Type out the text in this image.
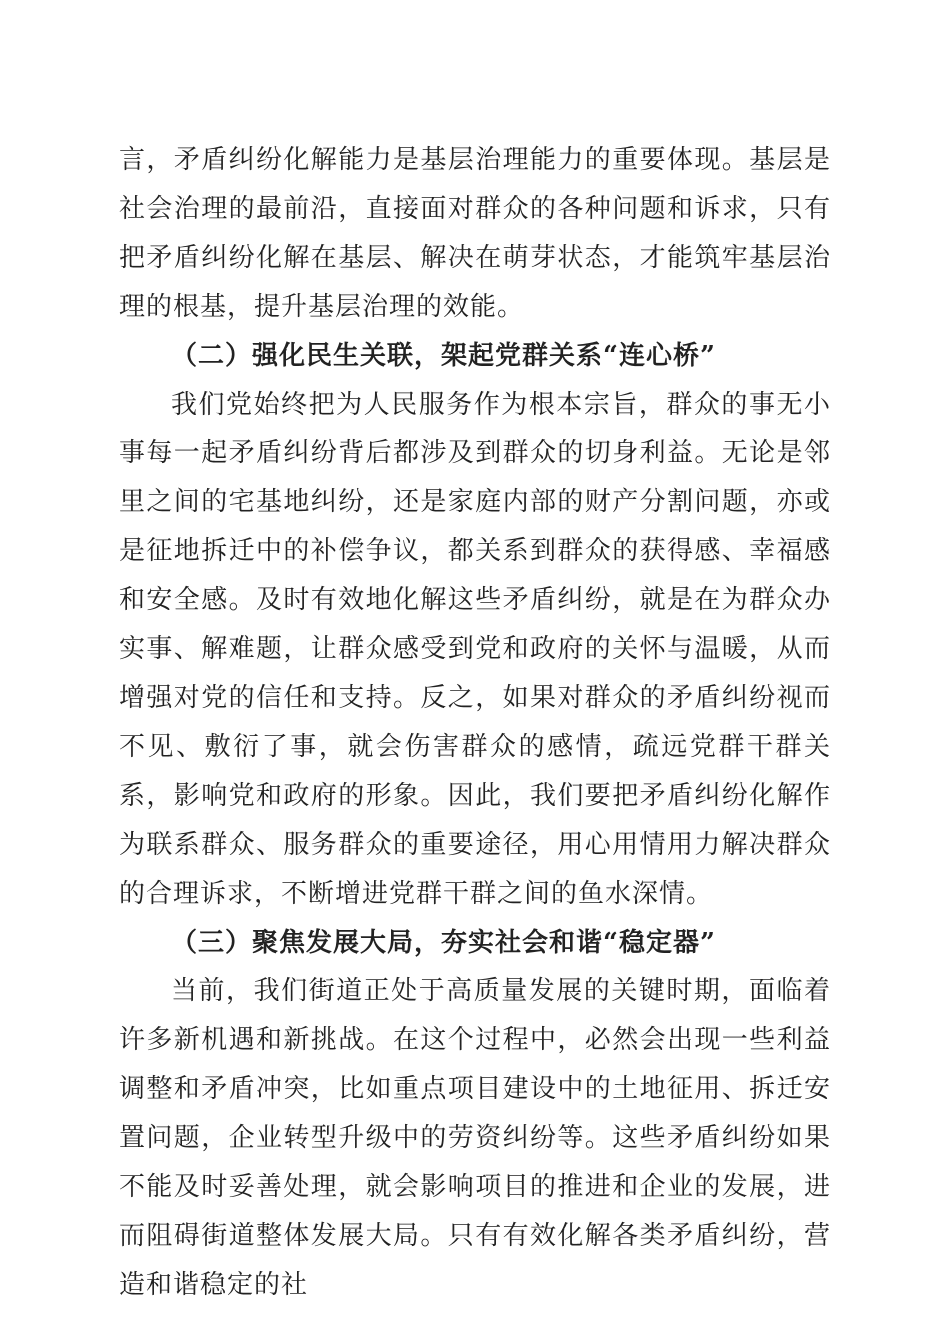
言，矛盾纠纷化解能力是基层治理能力的重要体现。基层是社会治理的最前沿，直接面对群众的各种问题和诉求，只有把矛盾纠纷化解在基层、解决在萌芽状态，才能筑牢基层治理的根基，提升基层治理的效能。

（二）强化民生关联，架起党群关系“连心桥”

我们党始终把为人民服务作为根本宗旨，群众的事无小事每一起矛盾纠纷背后都涉及到群众的切身利益。无论是邻里之间的宅基地纠纷，还是家庭内部的财产分割问题，亦或是征地拆迁中的补偿争议，都关系到群众的获得感、幸福感和安全感。及时有效地化解这些矛盾纠纷，就是在为群众办实事、解难题，让群众感受到党和政府的关怀与温暖，从而增强对党的信任和支持。反之，如果对群众的矛盾纠纷视而不见、敷衍了事，就会伤害群众的感情，疏远党群干群关系，影响党和政府的形象。因此，我们要把矛盾纠纷化解作为联系群众、服务群众的重要途径，用心用情用力解决群众的合理诉求，不断增进党群干群之间的鱼水深情。

（三）聚焦发展大局，夯实社会和谐“稳定器”

当前，我们街道正处于高质量发展的关键时期，面临着许多新机遇和新挑战。在这个过程中，必然会出现一些利益调整和矛盾冲突，比如重点项目建设中的土地征用、拆迁安置问题，企业转型升级中的劳资纠纷等。这些矛盾纠纷如果不能及时妥善处理，就会影响项目的推进和企业的发展，进而阻碍街道整体发展大局。只有有效化解各类矛盾纠纷，营造和谐稳定的社
